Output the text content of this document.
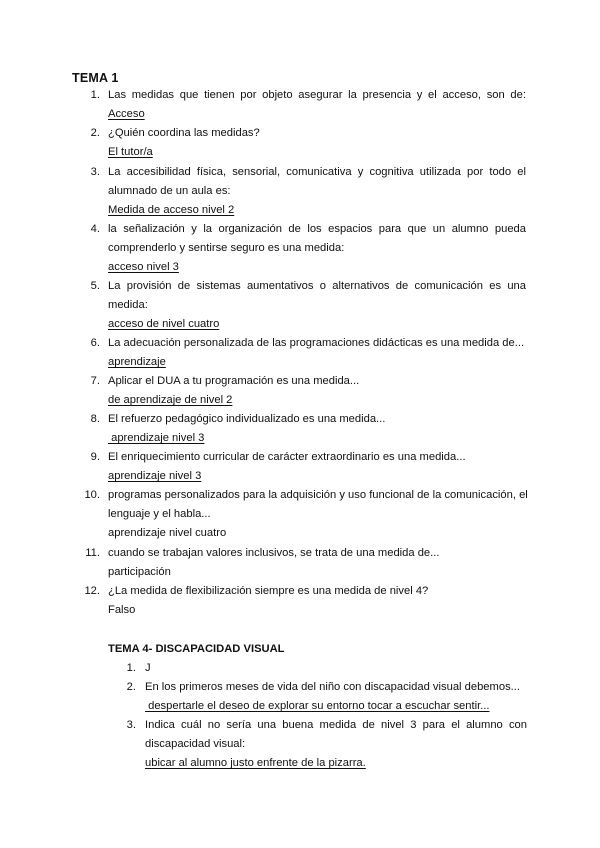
TEMA 1
1. Las medidas que tienen por objeto asegurar la presencia y el acceso, son de:
Acceso
2. ¿Quién coordina las medidas?
El tutor/a
3. La accesibilidad física, sensorial, comunicativa y cognitiva utilizada por todo el
alumnado de un aula es:
Medida de acceso nivel 2
4. la señalización y la organización de los espacios para que un alumno pueda
comprenderlo y sentirse seguro es una medida:
acceso nivel 3
5. La provisión de sistemas aumentativos o alternativos de comunicación es una
medida:
acceso de nivel cuatro
6. La adecuación personalizada de las programaciones didácticas es una medida de...
aprendizaje
7. Aplicar el DUA a tu programación es una medida...
de aprendizaje de nivel 2
8. El refuerzo pedagógico individualizado es una medida...
aprendizaje nivel 3
9. El enriquecimiento curricular de carácter extraordinario es una medida...
aprendizaje nivel 3
10. programas personalizados para la adquisición y uso funcional de la comunicación, el
lenguaje y el habla...
aprendizaje nivel cuatro
11. cuando se trabajan valores inclusivos, se trata de una medida de...
participación
12. ¿La medida de flexibilización siempre es una medida de nivel 4?
Falso
TEMA 4- DISCAPACIDAD VISUAL
1. J
2. En los primeros meses de vida del niño con discapacidad visual debemos...
despertarle el deseo de explorar su entorno tocar a escuchar sentir...
3. Indica cuál no sería una buena medida de nivel 3 para el alumno con
discapacidad visual:
ubicar al alumno justo enfrente de la pizarra.
